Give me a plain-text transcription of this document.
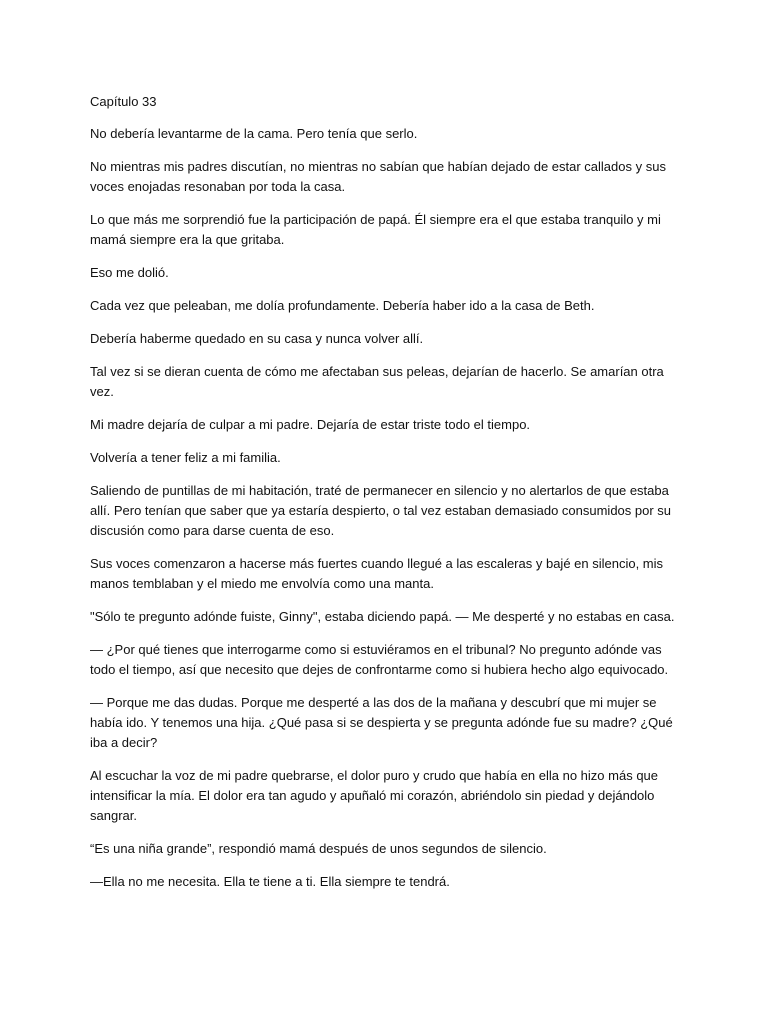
Capítulo 33

No debería levantarme de la cama. Pero tenía que serlo.

No mientras mis padres discutían, no mientras no sabían que habían dejado de estar callados y sus voces enojadas resonaban por toda la casa.

Lo que más me sorprendió fue la participación de papá. Él siempre era el que estaba tranquilo y mi mamá siempre era la que gritaba.

Eso me dolió.

Cada vez que peleaban, me dolía profundamente. Debería haber ido a la casa de Beth.

Debería haberme quedado en su casa y nunca volver allí.

Tal vez si se dieran cuenta de cómo me afectaban sus peleas, dejarían de hacerlo. Se amarían otra vez.

Mi madre dejaría de culpar a mi padre. Dejaría de estar triste todo el tiempo.

Volvería a tener feliz a mi familia.

Saliendo de puntillas de mi habitación, traté de permanecer en silencio y no alertarlos de que estaba allí. Pero tenían que saber que ya estaría despierto, o tal vez estaban demasiado consumidos por su discusión como para darse cuenta de eso.

Sus voces comenzaron a hacerse más fuertes cuando llegué a las escaleras y bajé en silencio, mis manos temblaban y el miedo me envolvía como una manta.

"Sólo te pregunto adónde fuiste, Ginny", estaba diciendo papá. — Me desperté y no estabas en casa.

— ¿Por qué tienes que interrogarme como si estuviéramos en el tribunal? No pregunto adónde vas todo el tiempo, así que necesito que dejes de confrontarme como si hubiera hecho algo equivocado.

— Porque me das dudas. Porque me desperté a las dos de la mañana y descubrí que mi mujer se había ido. Y tenemos una hija. ¿Qué pasa si se despierta y se pregunta adónde fue su madre? ¿Qué iba a decir?

Al escuchar la voz de mi padre quebrarse, el dolor puro y crudo que había en ella no hizo más que intensificar la mía. El dolor era tan agudo y apuñaló mi corazón, abriéndolo sin piedad y dejándolo sangrar.

“Es una niña grande”, respondió mamá después de unos segundos de silencio.

—Ella no me necesita. Ella te tiene a ti. Ella siempre te tendrá.
